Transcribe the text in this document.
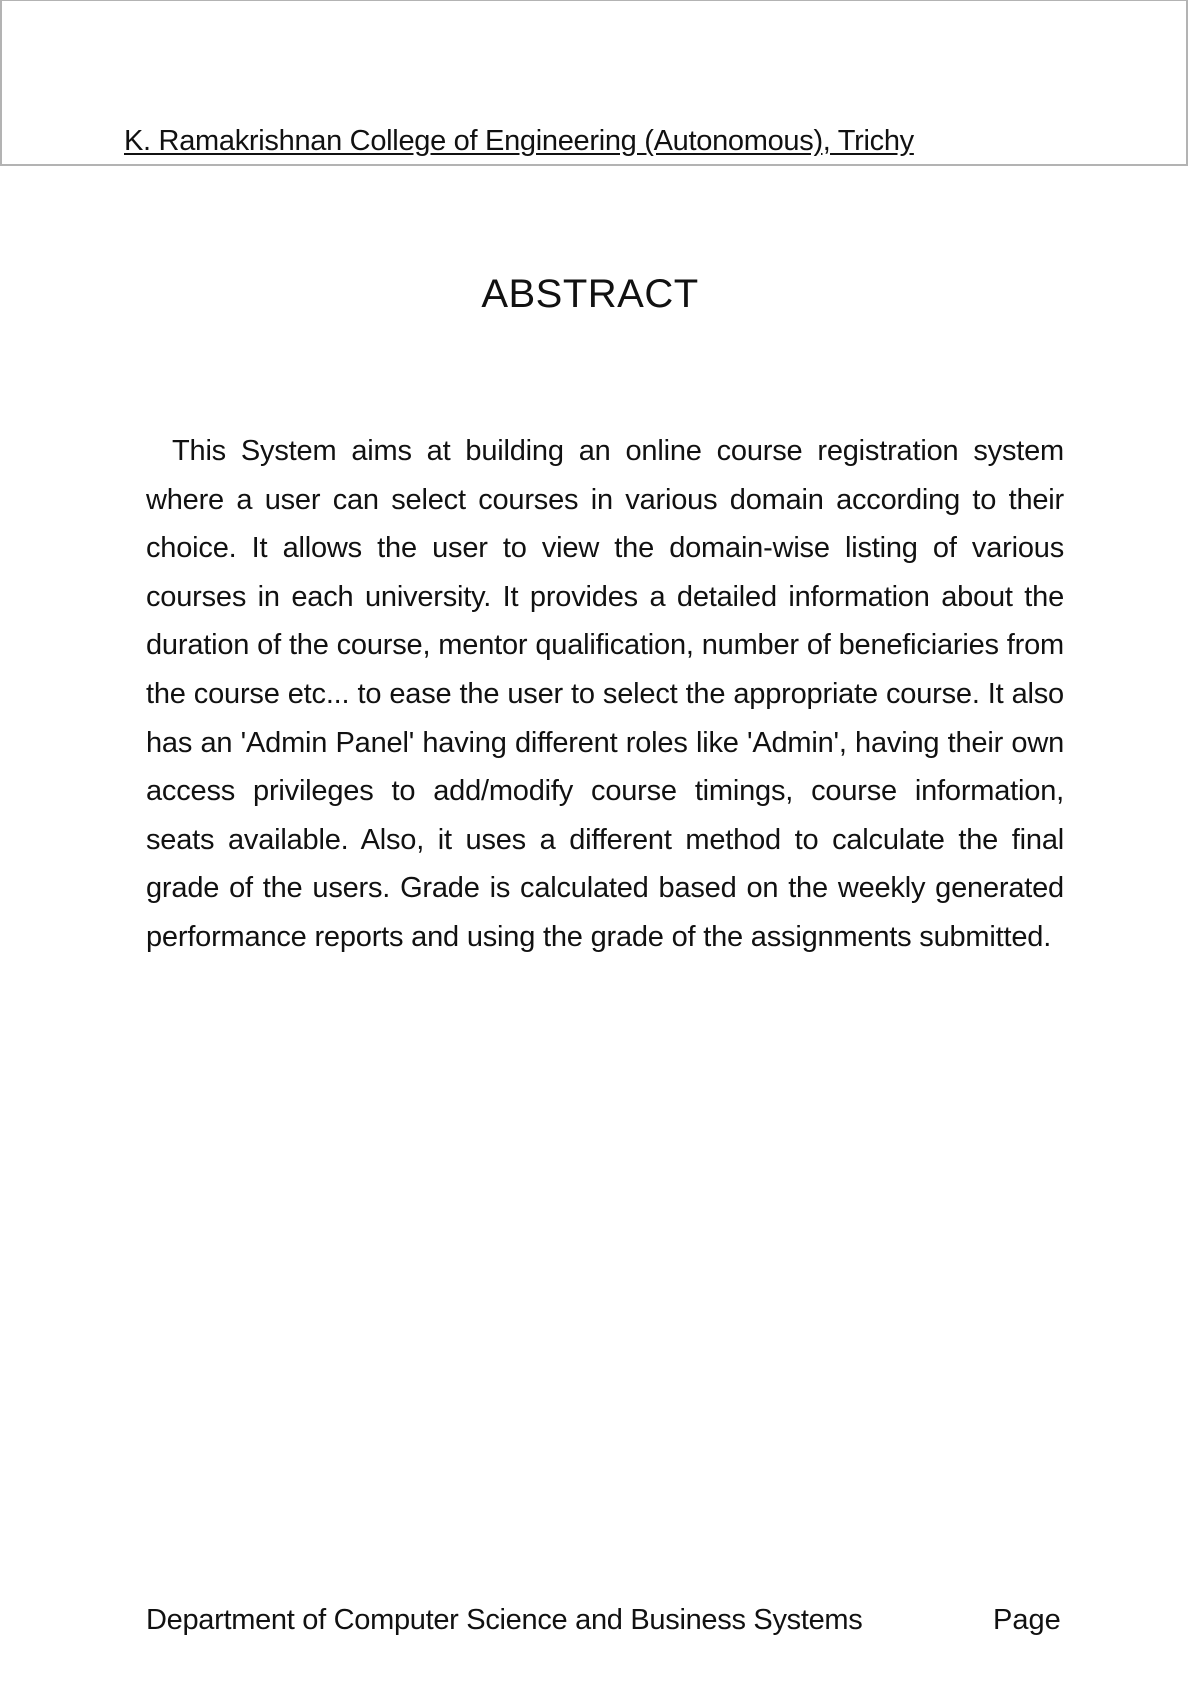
K. Ramakrishnan College of Engineering (Autonomous), Trichy
ABSTRACT

This System aims at building an online course registration system where a user can select courses in various domain according to their choice. It allows the user to view the domain-wise listing of various courses in each university. It provides a detailed information about the duration of the course, mentor qualification, number of beneficiaries from the course etc... to ease the user to select the appropriate course. It also has an 'Admin Panel' having different roles like 'Admin', having their own access privileges to add/modify course timings, course information, seats available. Also, it uses a different method to calculate the final grade of the users. Grade is calculated based on the weekly generated performance reports and using the grade of the assignments submitted.

Department of Computer Science and Business Systems	Page
